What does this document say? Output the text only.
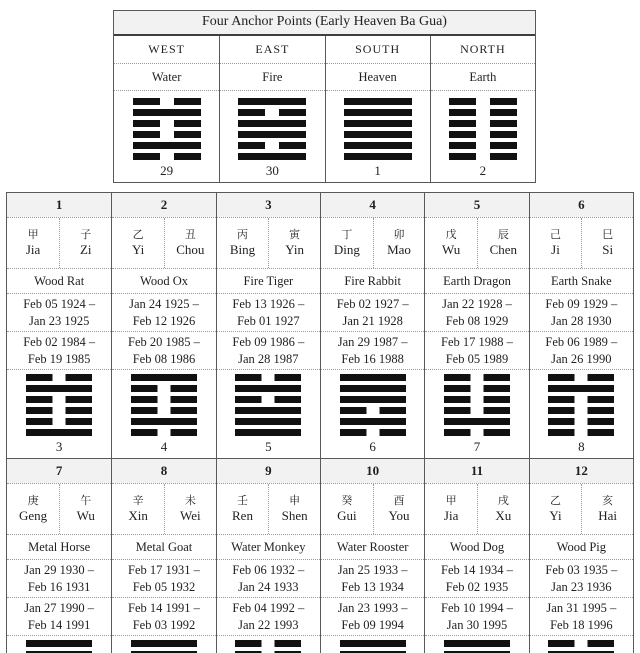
Four Anchor Points (Early Heaven Ba Gua)
WEST
Water
29
EAST
Fire
30
SOUTH
Heaven
1
NORTH
Earth
2
1
甲
Jia
子
Zi
Wood Rat
Feb 05 1924 –
Jan 23 1925
Feb 02 1984 –
Feb 19 1985
3
2
乙
Yi
丑
Chou
Wood Ox
Jan 24 1925 –
Feb 12 1926
Feb 20 1985 –
Feb 08 1986
4
3
丙
Bing
寅
Yin
Fire Tiger
Feb 13 1926 –
Feb 01 1927
Feb 09 1986 –
Jan 28 1987
5
4
丁
Ding
卯
Mao
Fire Rabbit
Feb 02 1927 –
Jan 21 1928
Jan 29 1987 –
Feb 16 1988
6
5
戊
Wu
辰
Chen
Earth Dragon
Jan 22 1928 –
Feb 08 1929
Feb 17 1988 –
Feb 05 1989
7
6
己
Ji
巳
Si
Earth Snake
Feb 09 1929 –
Jan 28 1930
Feb 06 1989 –
Jan 26 1990
8
7
庚
Geng
午
Wu
Metal Horse
Jan 29 1930 –
Feb 16 1931
Jan 27 1990 –
Feb 14 1991
8
辛
Xin
未
Wei
Metal Goat
Feb 17 1931 –
Feb 05 1932
Feb 14 1991 –
Feb 03 1992
9
壬
Ren
申
Shen
Water Monkey
Feb 06 1932 –
Jan 24 1933
Feb 04 1992 –
Jan 22 1993
10
癸
Gui
酉
You
Water Rooster
Jan 25 1933 –
Feb 13 1934
Jan 23 1993 –
Feb 09 1994
11
甲
Jia
戌
Xu
Wood Dog
Feb 14 1934 –
Feb 02 1935
Feb 10 1994 –
Jan 30 1995
12
乙
Yi
亥
Hai
Wood Pig
Feb 03 1935 –
Jan 23 1936
Jan 31 1995 –
Feb 18 1996
